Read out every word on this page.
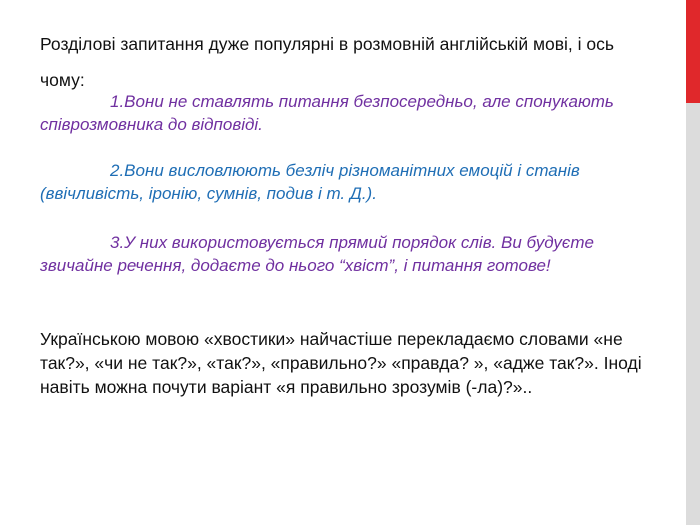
Розділові запитання дуже популярні в розмовній англійській мові, і ось чому:
1.Вони не ставлять питання безпосередньо, але спонукають співрозмовника до відповіді.
2.Вони висловлюють безліч різноманітних емоцій і станів (ввічливість, іронію, сумнів, подив і т. Д.).
3.У них використовується прямий порядок слів. Ви будуєте звичайне речення, додаєте до нього “хвіст”, і питання готове!
Українською мовою «хвостики» найчастіше перекладаємо словами «не так?», «чи не так?», «так?», «правильно?» «правда? », «адже так?». Іноді навіть можна почути варіант «я правильно зрозумів (-ла)?»..
